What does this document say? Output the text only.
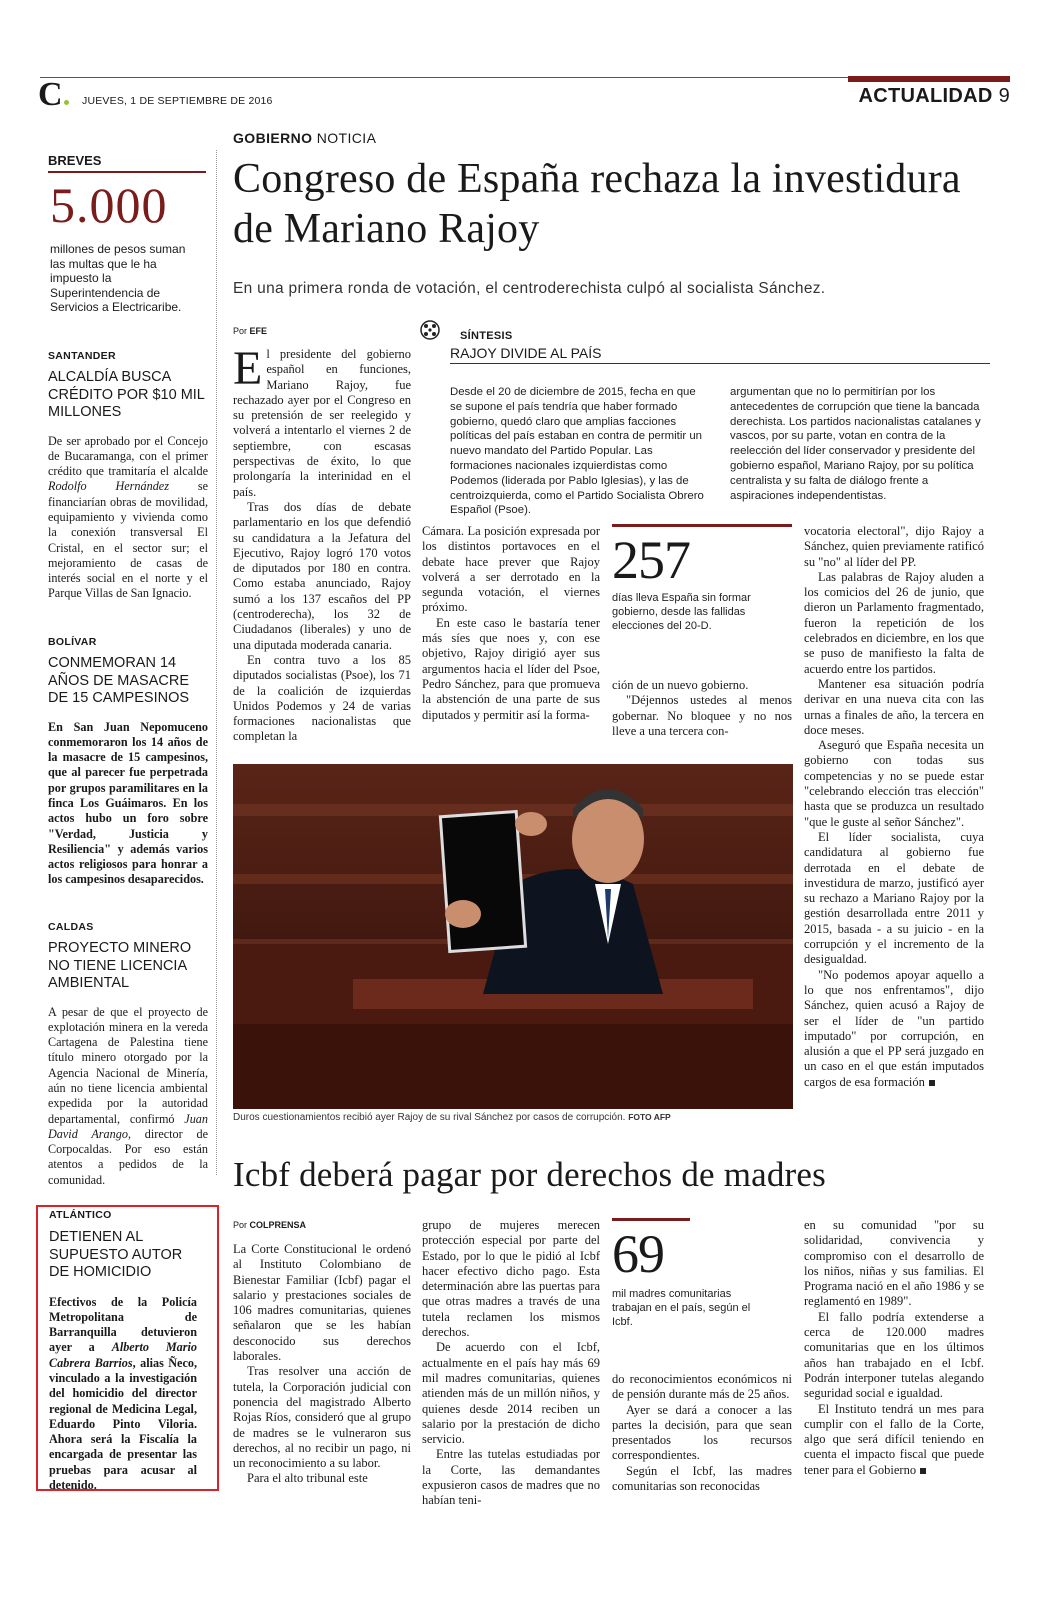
C	JUEVES, 1 DE SEPTIEMBRE DE 2016	ACTUALIDAD 9
BREVES
5.000
millones de pesos suman las multas que le ha impuesto la Superintendencia de Servicios a Electricaribe.
SANTANDER
ALCALDÍA BUSCA CRÉDITO POR $10 MIL MILLONES
De ser aprobado por el Concejo de Bucaramanga, con el primer crédito que tramitaría el alcalde Rodolfo Hernández se financiarían obras de movilidad, equipamiento y vivienda como la conexión transversal El Cristal, en el sector sur; el mejoramiento de casas de interés social en el norte y el Parque Villas de San Ignacio.
BOLÍVAR
CONMEMORAN 14 AÑOS DE MASACRE DE 15 CAMPESINOS
En San Juan Nepomuceno conmemoraron los 14 años de la masacre de 15 campesinos, que al parecer fue perpetrada por grupos paramilitares en la finca Los Guáimaros. En los actos hubo un foro sobre "Verdad, Justicia y Resiliencia" y además varios actos religiosos para honrar a los campesinos desaparecidos.
CALDAS
PROYECTO MINERO NO TIENE LICENCIA AMBIENTAL
A pesar de que el proyecto de explotación minera en la vereda Cartagena de Palestina tiene título minero otorgado por la Agencia Nacional de Minería, aún no tiene licencia ambiental expedida por la autoridad departamental, confirmó Juan David Arango, director de Corpocaldas. Por eso están atentos a pedidos de la comunidad.
ATLÁNTICO
DETIENEN AL SUPUESTO AUTOR DE HOMICIDIO
Efectivos de la Policía Metropolitana de Barranquilla detuvieron ayer a Alberto Mario Cabrera Barrios, alias Ñeco, vinculado a la investigación del homicidio del director regional de Medicina Legal, Eduardo Pinto Viloria. Ahora será la Fiscalía la encargada de presentar las pruebas para acusar al detenido.
GOBIERNO NOTICIA
Congreso de España rechaza la investidura de Mariano Rajoy
En una primera ronda de votación, el centroderechista culpó al socialista Sánchez.
Por EFE

El presidente del gobierno español en funciones, Mariano Rajoy, fue rechazado ayer por el Congreso en su pretensión de ser reelegido y volverá a intentarlo el viernes 2 de septiembre, con escasas perspectivas de éxito, lo que prolongaría la interinidad en el país.

Tras dos días de debate parlamentario en los que defendió su candidatura a la Jefatura del Ejecutivo, Rajoy logró 170 votos de diputados por 180 en contra. Como estaba anunciado, Rajoy sumó a los 137 escaños del PP (centroderecha), los 32 de Ciudadanos (liberales) y uno de una diputada moderada canaria.

En contra tuvo a los 85 diputados socialistas (Psoe), los 71 de la coalición de izquierdas Unidos Podemos y 24 de varias formaciones nacionalistas que completan la

SÍNTESIS
RAJOY DIVIDE AL PAÍS
Desde el 20 de diciembre de 2015, fecha en que se supone el país tendría que haber formado gobierno, quedó claro que amplias facciones políticas del país estaban en contra de permitir un nuevo mandato del Partido Popular. Las formaciones nacionales izquierdistas como Podemos (liderada por Pablo Iglesias), y las de centroizquierda, como el Partido Socialista Obrero Español (Psoe).
argumentan que no lo permitirían por los antecedentes de corrupción que tiene la bancada derechista. Los partidos nacionalistas catalanes y vascos, por su parte, votan en contra de la reelección del líder conservador y presidente del gobierno español, Mariano Rajoy, por su política centralista y su falta de diálogo frente a aspiraciones independentistas.

Cámara. La posición expresada por los distintos portavoces en el debate hace prever que Rajoy volverá a ser derrotado en la segunda votación, el viernes próximo.

En este caso le bastaría tener más síes que noes y, con ese objetivo, Rajoy dirigió ayer sus argumentos hacia el líder del Psoe, Pedro Sánchez, para que promueva la abstención de una parte de sus diputados y permitir así la forma-

257
días lleva España sin formar gobierno, desde las fallidas elecciones del 20-D.

ción de un nuevo gobierno.

"Déjennos ustedes al menos gobernar. No bloquee y no nos lleve a una tercera con-

vocatoria electoral", dijo Rajoy a Sánchez, quien previamente ratificó su "no" al líder del PP.

Las palabras de Rajoy aluden a los comicios del 26 de junio, que dieron un Parlamento fragmentado, fueron la repetición de los celebrados en diciembre, en los que se puso de manifiesto la falta de acuerdo entre los partidos.

Mantener esa situación podría derivar en una nueva cita con las urnas a finales de año, la tercera en doce meses.

Aseguró que España necesita un gobierno con todas sus competencias y no se puede estar "celebrando elección tras elección" hasta que se produzca un resultado "que le guste al señor Sánchez".

El líder socialista, cuya candidatura al gobierno fue derrotada en el debate de investidura de marzo, justificó ayer su rechazo a Mariano Rajoy por la gestión desarrollada entre 2011 y 2015, basada - a su juicio - en la corrupción y el incremento de la desigualdad.

"No podemos apoyar aquello a lo que nos enfrentamos", dijo Sánchez, quien acusó a Rajoy de ser el líder de "un partido imputado" por corrupción, en alusión a que el PP será juzgado en un caso en el que están imputados cargos de esa formación

Duros cuestionamientos recibió ayer Rajoy de su rival Sánchez por casos de corrupción. FOTO AFP
Icbf deberá pagar por derechos de madres
Por COLPRENSA

La Corte Constitucional le ordenó al Instituto Colombiano de Bienestar Familiar (Icbf) pagar el salario y prestaciones sociales de 106 madres comunitarias, quienes señalaron que se les habían desconocido sus derechos laborales.

Tras resolver una acción de tutela, la Corporación judicial con ponencia del magistrado Alberto Rojas Ríos, consideró que al grupo de madres se le vulneraron sus derechos, al no recibir un pago, ni un reconocimiento a su labor.

Para el alto tribunal este

grupo de mujeres merecen protección especial por parte del Estado, por lo que le pidió al Icbf hacer efectivo dicho pago. Esta determinación abre las puertas para que otras madres a través de una tutela reclamen los mismos derechos.

De acuerdo con el Icbf, actualmente en el país hay más 69 mil madres comunitarias, quienes atienden más de un millón niños, y quienes desde 2014 reciben un salario por la prestación de dicho servicio.

Entre las tutelas estudiadas por la Corte, las demandantes expusieron casos de madres que no habían teni-

69
mil madres comunitarias trabajan en el país, según el Icbf.

do reconocimientos económicos ni de pensión durante más de 25 años.

Ayer se dará a conocer a las partes la decisión, para que sean presentados los recursos correspondientes.

Según el Icbf, las madres comunitarias son reconocidas

en su comunidad "por su solidaridad, convivencia y compromiso con el desarrollo de los niños, niñas y sus familias. El Programa nació en el año 1986 y se reglamentó en 1989".

El fallo podría extenderse a cerca de 120.000 madres comunitarias que en los últimos años han trabajado en el Icbf. Podrán interponer tutelas alegando seguridad social e igualdad.

El Instituto tendrá un mes para cumplir con el fallo de la Corte, algo que será difícil teniendo en cuenta el impacto fiscal que puede tener para el Gobierno
